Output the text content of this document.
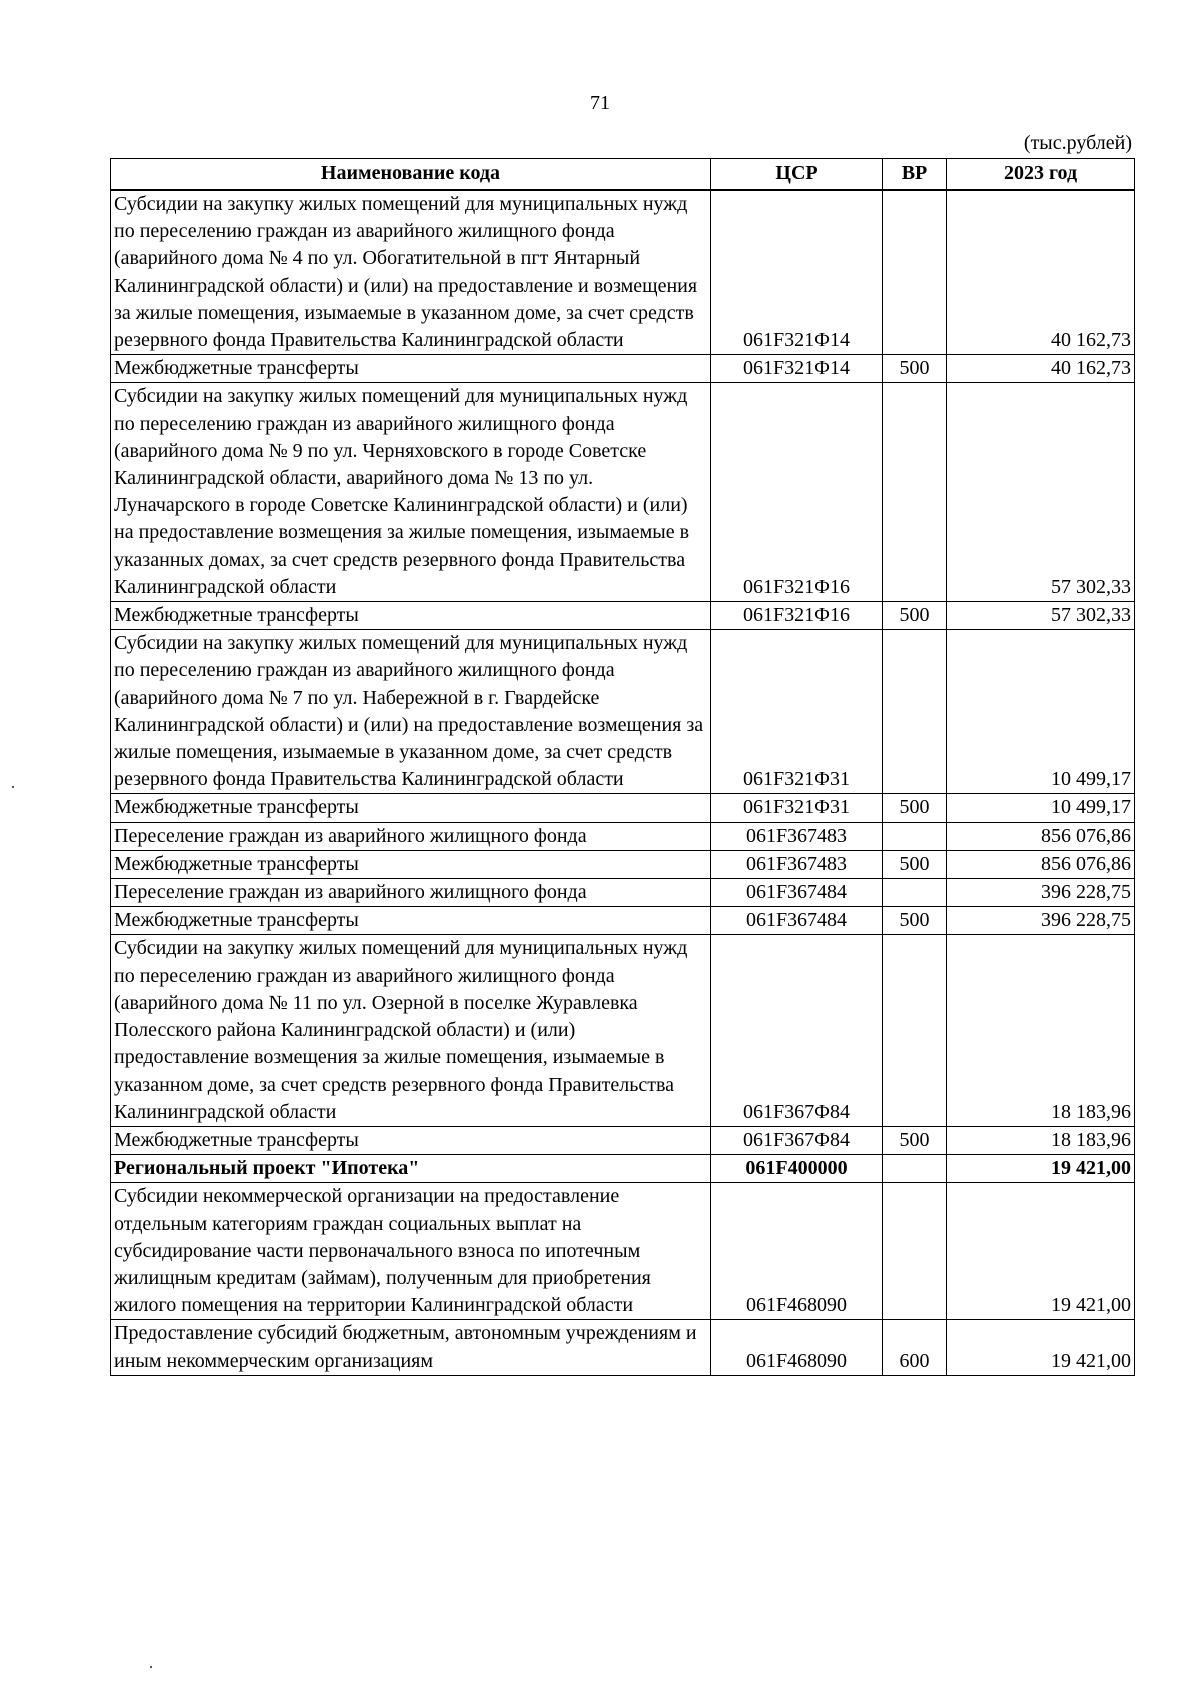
71
(тыс.рублей)
Наименование кода	ЦСР	ВР	2023 год
Субсидии на закупку жилых помещений для муниципальных нужд по переселению граждан из аварийного жилищного фонда (аварийного дома № 4 по ул. Обогатительной в пгт Янтарный Калининградской области) и (или) на предоставление и возмещения за жилые помещения, изымаемые в указанном доме, за счет средств резервного фонда Правительства Калининградской области	061F321Ф14		40 162,73
Межбюджетные трансферты	061F321Ф14	500	40 162,73
Субсидии на закупку жилых помещений для муниципальных нужд по переселению граждан из аварийного жилищного фонда (аварийного дома № 9 по ул. Черняховского в городе Советске Калининградской области, аварийного дома № 13 по ул. Луначарского в городе Советске Калининградской области) и (или) на предоставление возмещения за жилые помещения, изымаемые в указанных домах, за счет средств резервного фонда Правительства Калининградской области	061F321Ф16		57 302,33
Межбюджетные трансферты	061F321Ф16	500	57 302,33
Субсидии на закупку жилых помещений для муниципальных нужд по переселению граждан из аварийного жилищного фонда (аварийного дома № 7 по ул. Набережной в г. Гвардейске Калининградской области) и (или) на предоставление возмещения за жилые помещения, изымаемые в указанном доме, за счет средств резервного фонда Правительства Калининградской области	061F321Ф31		10 499,17
Межбюджетные трансферты	061F321Ф31	500	10 499,17
Переселение граждан из аварийного жилищного фонда	061F367483		856 076,86
Межбюджетные трансферты	061F367483	500	856 076,86
Переселение граждан из аварийного жилищного фонда	061F367484		396 228,75
Межбюджетные трансферты	061F367484	500	396 228,75
Субсидии на закупку жилых помещений для муниципальных нужд по переселению граждан из аварийного жилищного фонда (аварийного дома № 11 по ул. Озерной в поселке Журавлевка Полесского района Калининградской области) и (или) предоставление возмещения за жилые помещения, изымаемые в указанном доме, за счет средств резервного фонда Правительства Калининградской области	061F367Ф84		18 183,96
Межбюджетные трансферты	061F367Ф84	500	18 183,96
Региональный проект "Ипотека"	061F400000		19 421,00
Субсидии некоммерческой организации на предоставление отдельным категориям граждан социальных выплат на субсидирование части первоначального взноса по ипотечным жилищным кредитам (займам), полученным для приобретения жилого помещения на территории Калининградской области	061F468090		19 421,00
Предоставление субсидий бюджетным, автономным учреждениям и иным некоммерческим организациям	061F468090	600	19 421,00
